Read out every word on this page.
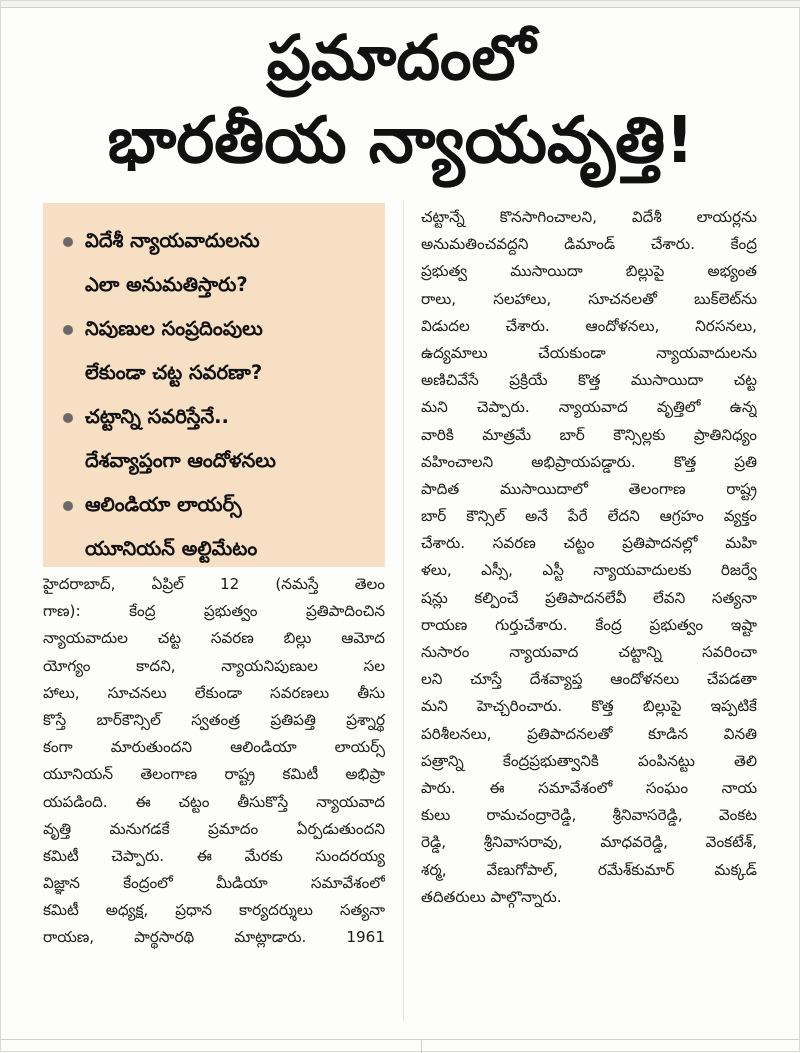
ప్రమాదంలో
భారతీయ న్యాయవృత్తి!
విదేశీ న్యాయవాదులను
ఎలా అనుమతిస్తారు?
నిపుణుల సంప్రదింపులు
లేకుండా చట్ట సవరణా?
చట్టాన్ని సవరిస్తేనే..
దేశవ్యాప్తంగా ఆందోళనలు
ఆలిండియా లాయర్స్
యూనియన్ అల్టిమేటం
హైదరాబాద్, ఏప్రిల్ 12 (నమస్తే తెలం
గాణ): కేంద్ర ప్రభుత్వం ప్రతిపాదించిన
న్యాయవాదుల చట్ట సవరణ బిల్లు ఆమోద
యోగ్యం కాదని, న్యాయనిపుణుల సల
హాలు, సూచనలు లేకుండా సవరణలు తీసు
కొస్తే బార్‌కౌన్సిల్ స్వతంత్ర ప్రతిపత్తి ప్రశ్నార్థ
కంగా మారుతుందని ఆలిండియా లాయర్స్
యూనియన్ తెలంగాణ రాష్ట్ర కమిటీ అభిప్రా
యపడింది. ఈ చట్టం తీసుకొస్తే న్యాయవాద
వృత్తి మనుగడకే ప్రమాదం ఏర్పడుతుందని
కమిటీ చెప్పారు. ఈ మేరకు సుందరయ్య
విజ్ఞాన కేంద్రంలో మీడియా సమావేశంలో
కమిటీ అధ్యక్ష, ప్రధాన కార్యదర్శులు సత్యనా
రాయణ, పార్థసారథి మాట్లాడారు. 1961
చట్టాన్నే కొనసాగించాలని, విదేశీ లాయర్లను
అనుమతించవద్దని డిమాండ్ చేశారు. కేంద్ర
ప్రభుత్వ ముసాయిదా బిల్లుపై అభ్యంత
రాలు, సలహాలు, సూచనలతో బుక్‌లెట్‌ను
విడుదల చేశారు. ఆందోళనలు, నిరసనలు,
ఉద్యమాలు చేయకుండా న్యాయవాదులను
అణిచివేసే ప్రక్రియే కొత్త ముసాయిదా చట్ట
మని చెప్పారు. న్యాయవాద వృత్తిలో ఉన్న
వారికి మాత్రమే బార్ కౌన్సిల్లకు ప్రాతినిధ్యం
వహించాలని అభిప్రాయపడ్డారు. కొత్త ప్రతి
పాదిత ముసాయిదాలో తెలంగాణ రాష్ట్ర
బార్ కౌన్సిల్ అనే పేరే లేదని ఆగ్రహం వ్యక్తం
చేశారు. సవరణ చట్టం ప్రతిపాదనల్లో మహి
ళలు, ఎస్సీ, ఎస్టీ న్యాయవాదులకు రిజర్వే
షన్లు కల్పించే ప్రతిపాదనలేవీ లేవని సత్యనా
రాయణ గుర్తుచేశారు. కేంద్ర ప్రభుత్వం ఇష్టా
నుసారం న్యాయవాద చట్టాన్ని సవరించా
లని చూస్తే దేశవ్యాప్త ఆందోళనలు చేపడతా
మని హెచ్చరించారు. కొత్త బిల్లుపై ఇప్పటికే
పరిశీలనలు, ప్రతిపాదనలతో కూడిన వినతి
పత్రాన్ని కేంద్రప్రభుత్వానికి పంపినట్టు తెలి
పారు. ఈ సమావేశంలో సంఘం నాయ
కులు రామచంద్రారెడ్డి, శ్రీనివాసరెడ్డి, వెంకట
రెడ్డి, శ్రీనివాసరావు, మాధవరెడ్డి, వెంకటేశ్,
శర్మ, వేణుగోపాల్, రమేశ్‌కుమార్ మక్కడ్
తదితరులు పాల్గొన్నారు.
